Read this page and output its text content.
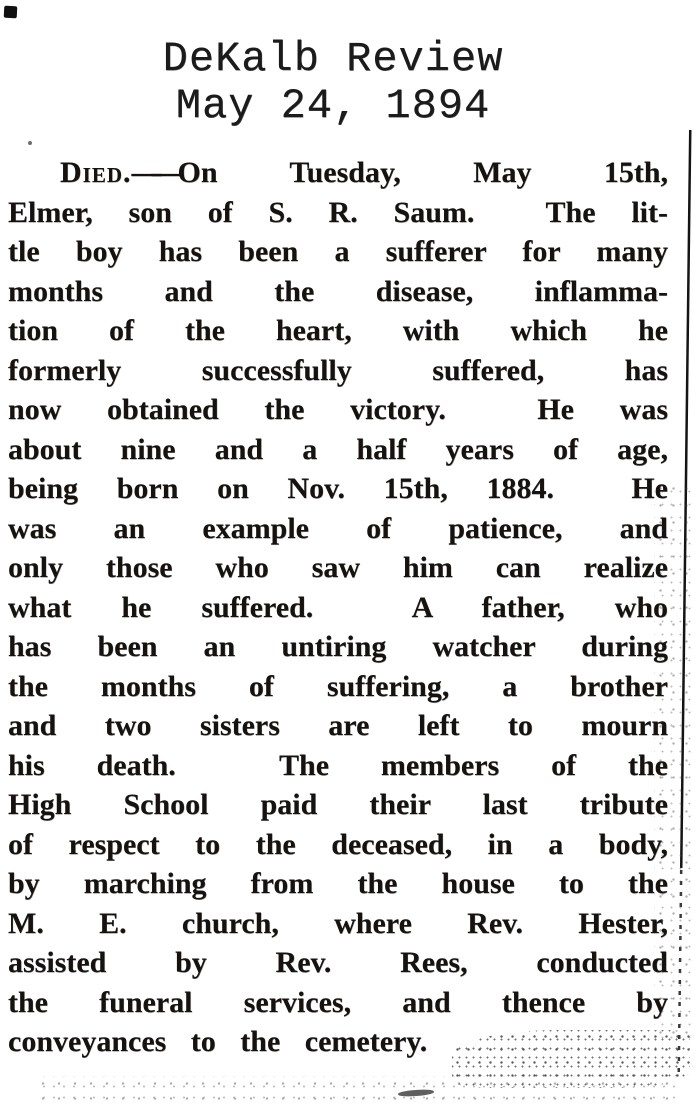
DeKalb Review
May 24, 1894
Died.—— On Tuesday, May 15th,
Elmer, son of S. R. Saum.  The lit-
tle boy has been a sufferer for many
months and the disease, inflamma-
tion of the heart, with which he
formerly successfully suffered, has
now obtained the victory.  He was
about nine and a half years of age,
being born on Nov. 15th, 1884.  He
was an example of patience, and
only those who saw him can realize
what he suffered.  A father, who
has been an untiring watcher during
the months of suffering, a brother
and two sisters are left to mourn
his death.  The members of the
High School paid their last tribute
of respect to the deceased, in a body,
by marching from the house to the
M. E. church, where Rev. Hester,
assisted by Rev. Rees, conducted
the funeral services, and thence by
conveyances to the cemetery.
